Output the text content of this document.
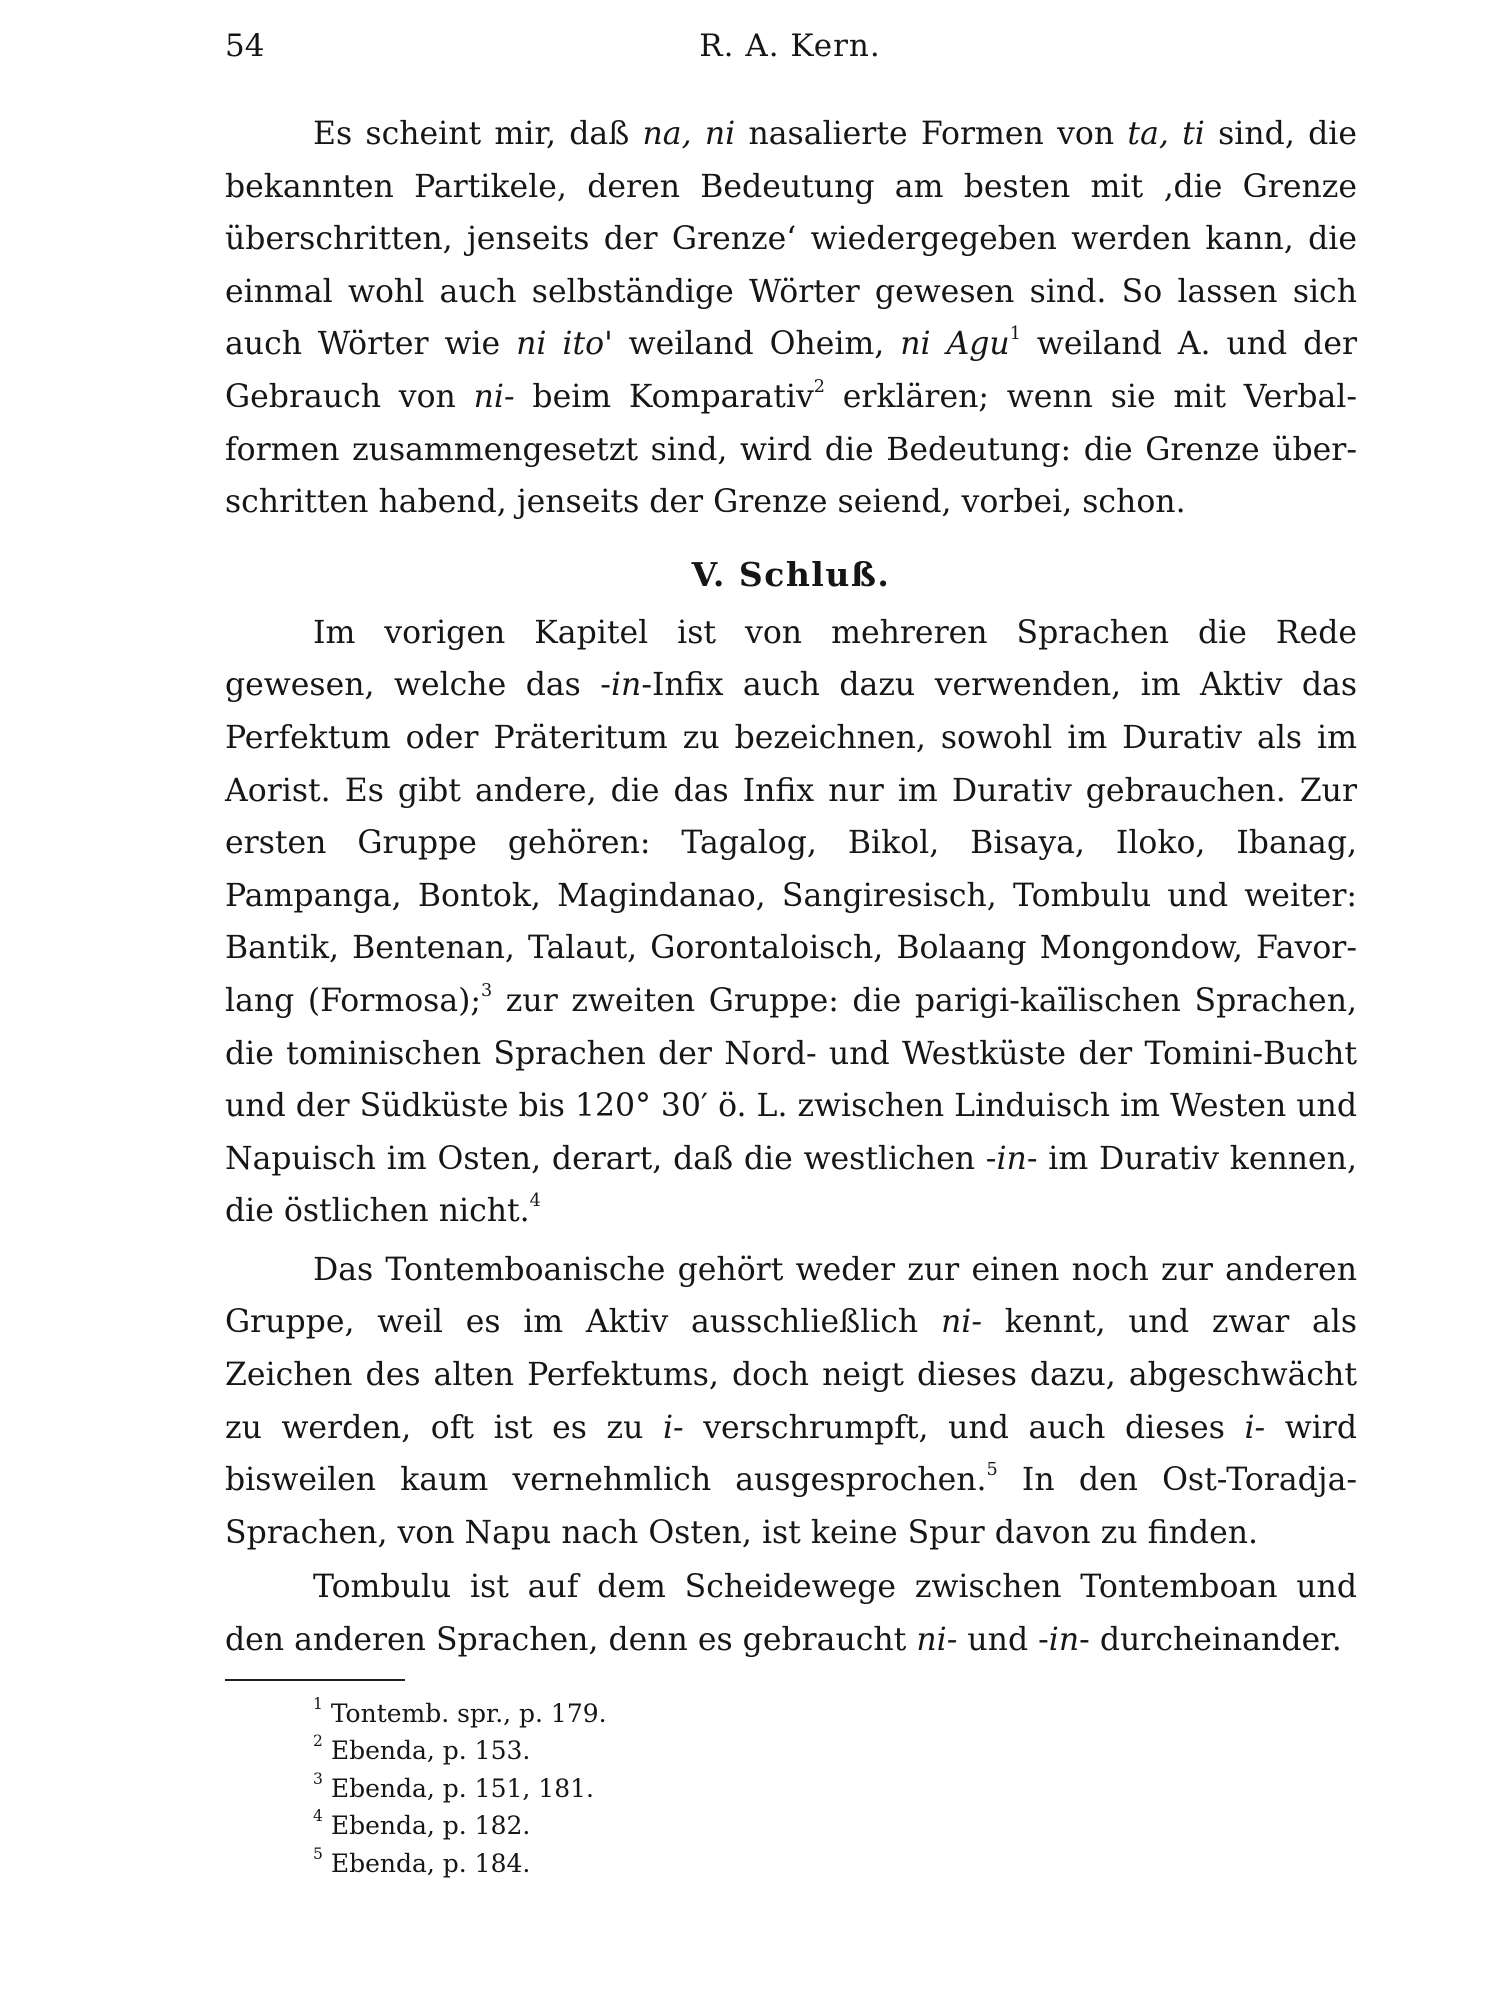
54	R. A. Kern.

Es scheint mir, daß na, ni nasalierte Formen von ta, ti sind, die bekannten Partikele, deren Bedeutung am besten mit ‚die Grenze überschritten, jenseits der Grenze‘ wiedergegeben werden kann, die einmal wohl auch selbständige Wörter gewesen sind. So lassen sich auch Wörter wie ni ito' weiland Oheim, ni Agu$^1$ weiland A. und der Gebrauch von ni- beim Komparativ$^2$ erklären; wenn sie mit Verbalformen zusammengesetzt sind, wird die Bedeutung: die Grenze überschritten habend, jenseits der Grenze seiend, vorbei, schon.

V. Schluß.

Im vorigen Kapitel ist von mehreren Sprachen die Rede gewesen, welche das -in-Infix auch dazu verwenden, im Aktiv das Perfektum oder Präteritum zu bezeichnen, sowohl im Durativ als im Aorist. Es gibt andere, die das Infix nur im Durativ gebrauchen. Zur ersten Gruppe gehören: Tagalog, Bikol, Bisaya, Iloko, Ibanag, Pampanga, Bontok, Magindanao, Sangiresisch, Tombulu und weiter: Bantik, Bentenan, Talaut, Gorontaloisch, Bolaang Mongondow, Favorlang (Formosa);$^3$ zur zweiten Gruppe: die parigi-kaïlischen Sprachen, die tominischen Sprachen der Nord- und Westküste der Tomini-Bucht und der Südküste bis 120° 30′ ö. L. zwischen Linduisch im Westen und Napuisch im Osten, derart, daß die westlichen -in- im Durativ kennen, die östlichen nicht.$^4$

Das Tontemboanische gehört weder zur einen noch zur anderen Gruppe, weil es im Aktiv ausschließlich ni- kennt, und zwar als Zeichen des alten Perfektums, doch neigt dieses dazu, abgeschwächt zu werden, oft ist es zu i- verschrumpft, und auch dieses i- wird bisweilen kaum vernehmlich ausgesprochen.$^5$ In den Ost-Toradja-Sprachen, von Napu nach Osten, ist keine Spur davon zu finden.

Tombulu ist auf dem Scheidewege zwischen Tontemboan und den anderen Sprachen, denn es gebraucht ni- und -in- durcheinander.

$^1$ Tontemb. spr., p. 179.
$^2$ Ebenda, p. 153.
$^3$ Ebenda, p. 151, 181.
$^4$ Ebenda, p. 182.
$^5$ Ebenda, p. 184.
